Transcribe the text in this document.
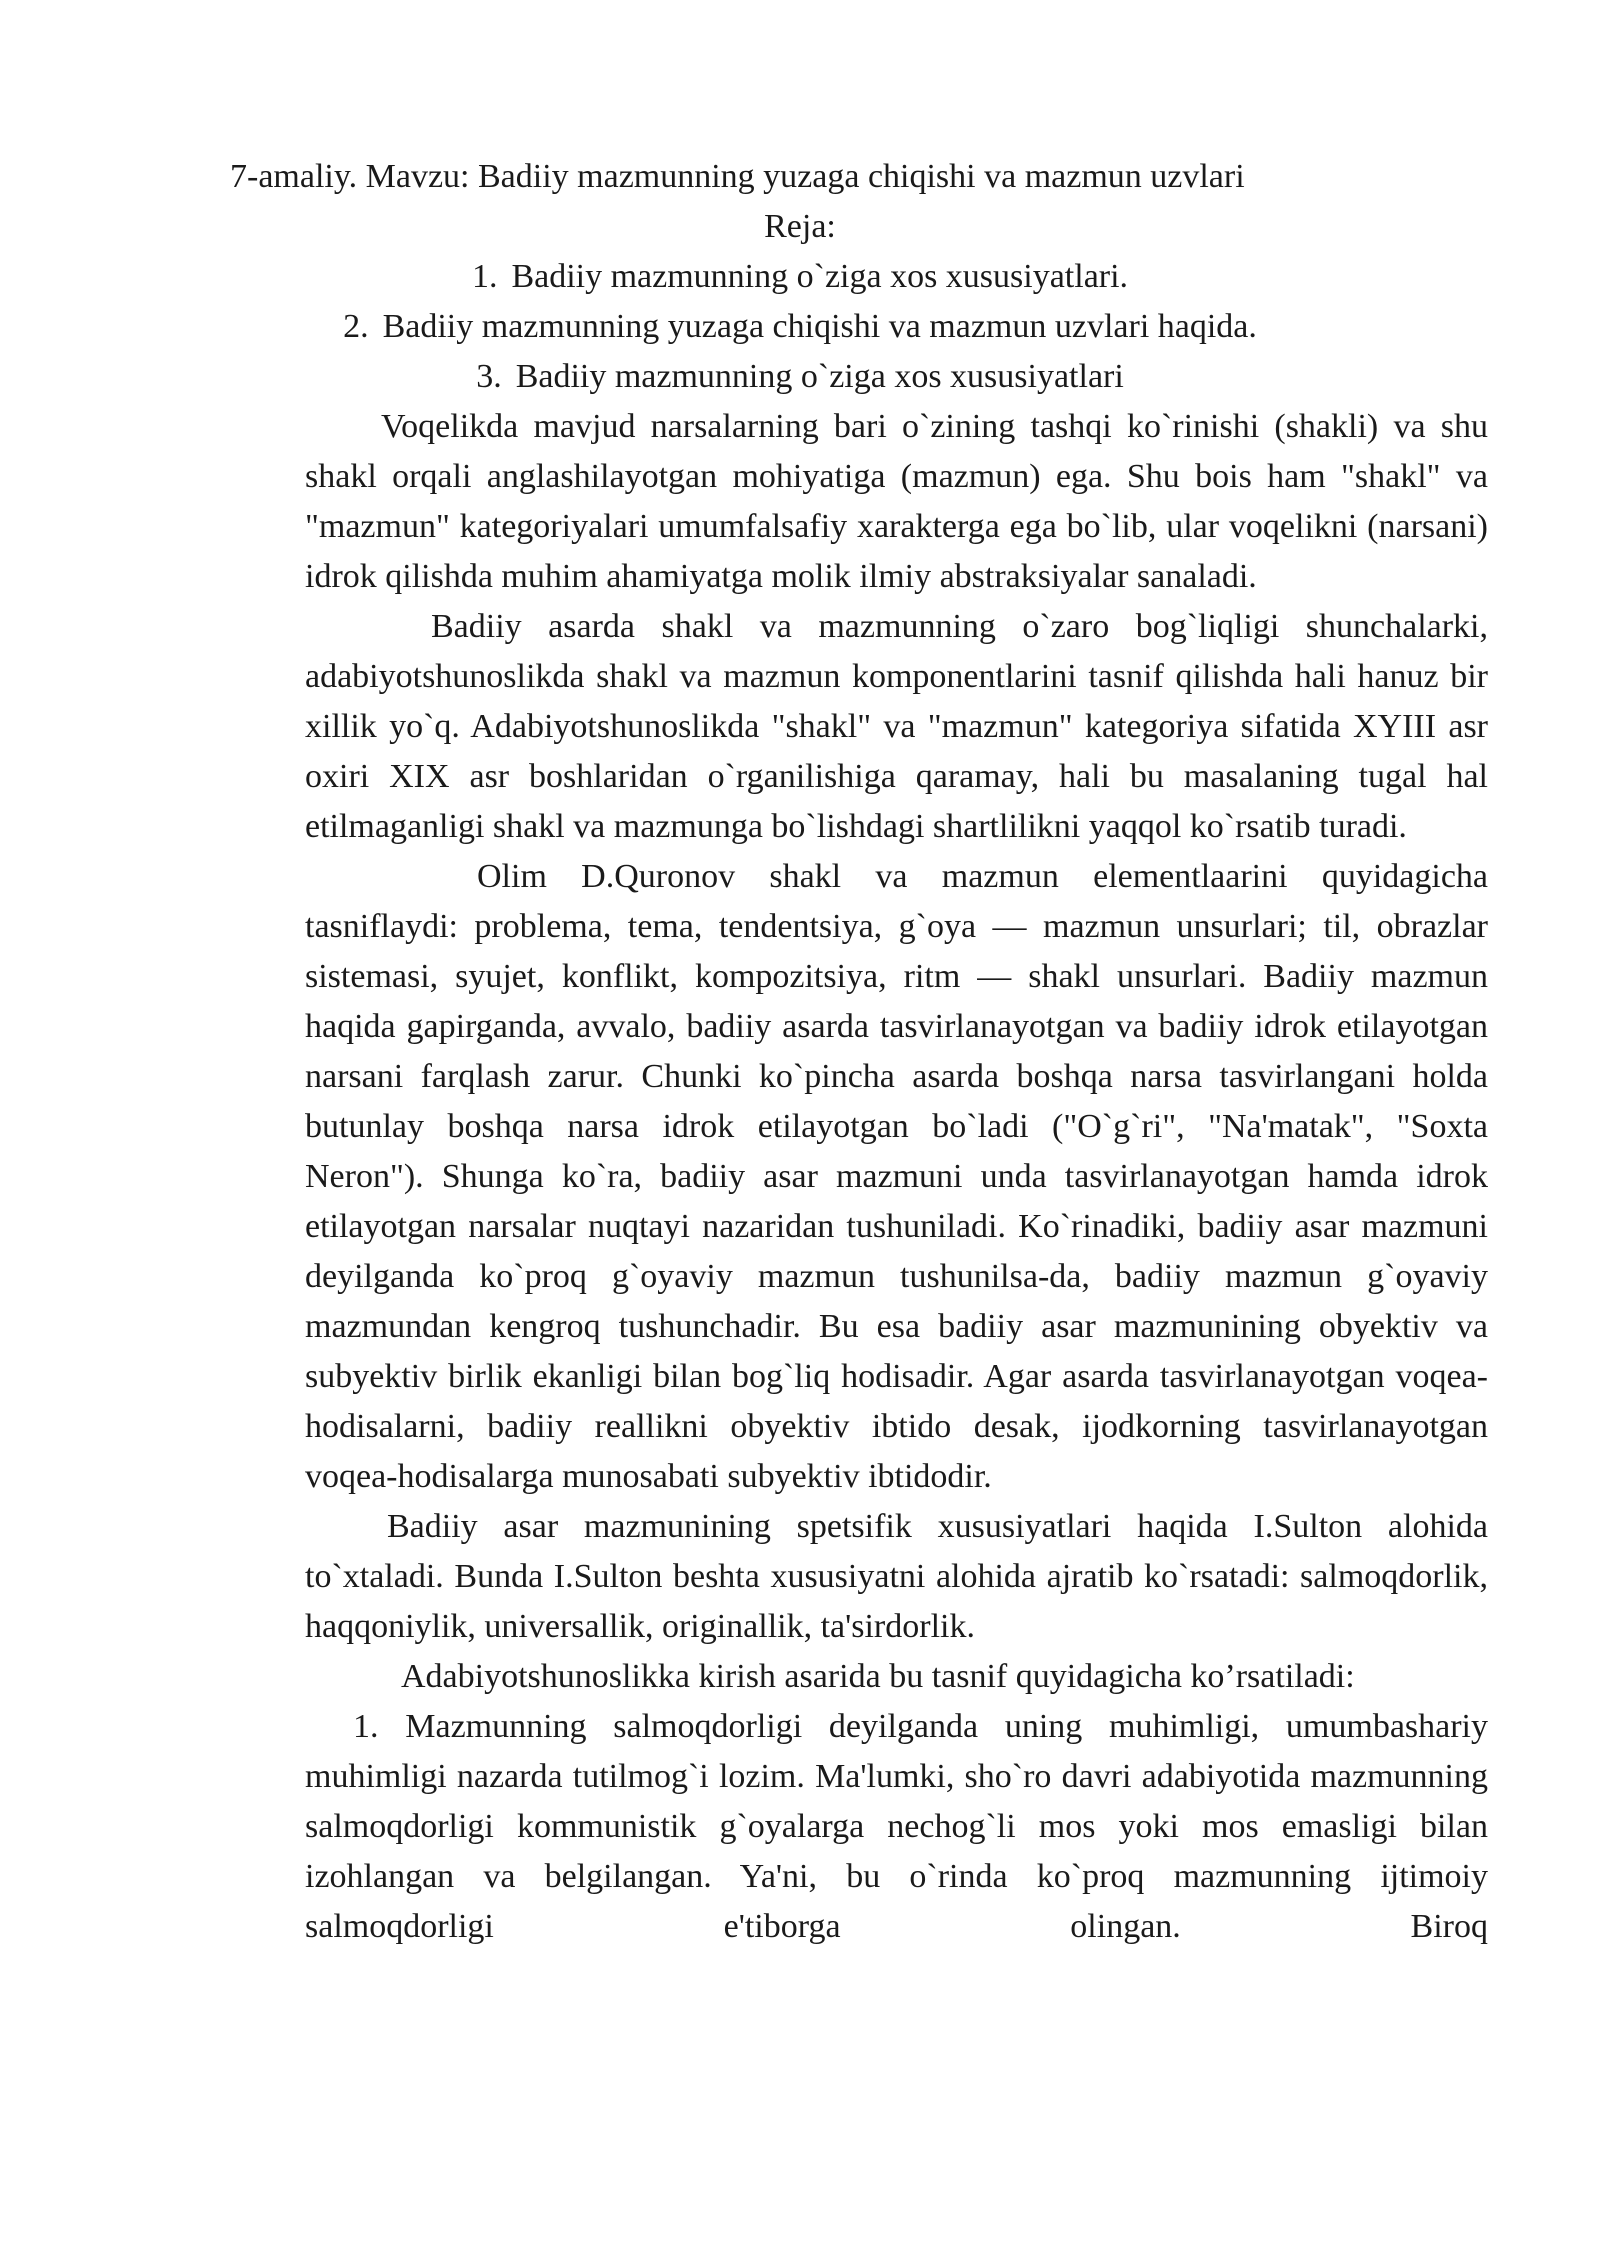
7-amaliy. Mavzu: Badiiy mazmunning yuzaga chiqishi va mazmun uzvlari
Reja:
1. Badiiy mazmunning o`ziga xos xususiyatlari.
2. Badiiy mazmunning yuzaga chiqishi va mazmun uzvlari haqida.
3. Badiiy mazmunning o`ziga xos xususiyatlari

Voqelikda mavjud narsalarning bari o`zining tashqi ko`rinishi (shakli) va shu shakl orqali anglashilayotgan mohiyatiga (mazmun) ega. Shu bois ham "shakl" va "mazmun" kategoriyalari umumfalsafiy xarakterga ega bo`lib, ular voqelikni (narsani) idrok qilishda muhim ahamiyatga molik ilmiy abstraksiyalar sanaladi.

Badiiy asarda shakl va mazmunning o`zaro bog`liqligi shunchalarki, adabiyotshunoslikda shakl va mazmun komponentlarini tasnif qilishda hali hanuz bir xillik yo`q. Adabiyotshunoslikda "shakl" va "mazmun" kategoriya sifatida XYIII asr oxiri XIX asr boshlaridan o`rganilishiga qaramay, hali bu masalaning tugal hal etilmaganligi shakl va mazmunga bo`lishdagi shartlilikni yaqqol ko`rsatib turadi.

Olim D.Quronov shakl va mazmun elementlaarini quyidagicha tasniflaydi: problema, tema, tendentsiya, g`oya — mazmun unsurlari; til, obrazlar sistemasi, syujet, konflikt, kompozitsiya, ritm — shakl unsurlari. Badiiy mazmun haqida gapirganda, avvalo, badiiy asarda tasvirlanayotgan va badiiy idrok etilayotgan narsani farqlash zarur. Chunki ko`pincha asarda boshqa narsa tasvirlangani holda butunlay boshqa narsa idrok etilayotgan bo`ladi ("O`g`ri", "Na'matak", "Soxta Neron"). Shunga ko`ra, badiiy asar mazmuni unda tasvirlanayotgan hamda idrok etilayotgan narsalar nuqtayi nazaridan tushuniladi. Ko`rinadiki, badiiy asar mazmuni deyilganda ko`proq g`oyaviy mazmun tushunilsa-da, badiiy mazmun g`oyaviy mazmundan kengroq tushunchadir. Bu esa badiiy asar mazmunining obyektiv va subyektiv birlik ekanligi bilan bog`liq hodisadir. Agar asarda tasvirlanayotgan voqea-hodisalarni, badiiy reallikni obyektiv ibtido desak, ijodkorning tasvirlanayotgan voqea-hodisalarga munosabati subyektiv ibtidodir.

Badiiy asar mazmunining spetsifik xususiyatlari haqida I.Sulton alohida to`xtaladi. Bunda I.Sulton beshta xususiyatni alohida ajratib ko`rsatadi: salmoqdorlik, haqqoniylik, universallik, originallik, ta'sirdorlik.

Adabiyotshunoslikka kirish asarida bu tasnif quyidagicha ko’rsatiladi:

1. Mazmunning salmoqdorligi deyilganda uning muhimligi, umumbashariy muhimligi nazarda tutilmog`i lozim. Ma'lumki, sho`ro davri adabiyotida mazmunning salmoqdorligi kommunistik g`oyalarga nechog`li mos yoki mos emasligi bilan izohlangan va belgilangan. Ya'ni, bu o`rinda ko`proq mazmunning ijtimoiy salmoqdorligi e'tiborga olingan. Biroq
